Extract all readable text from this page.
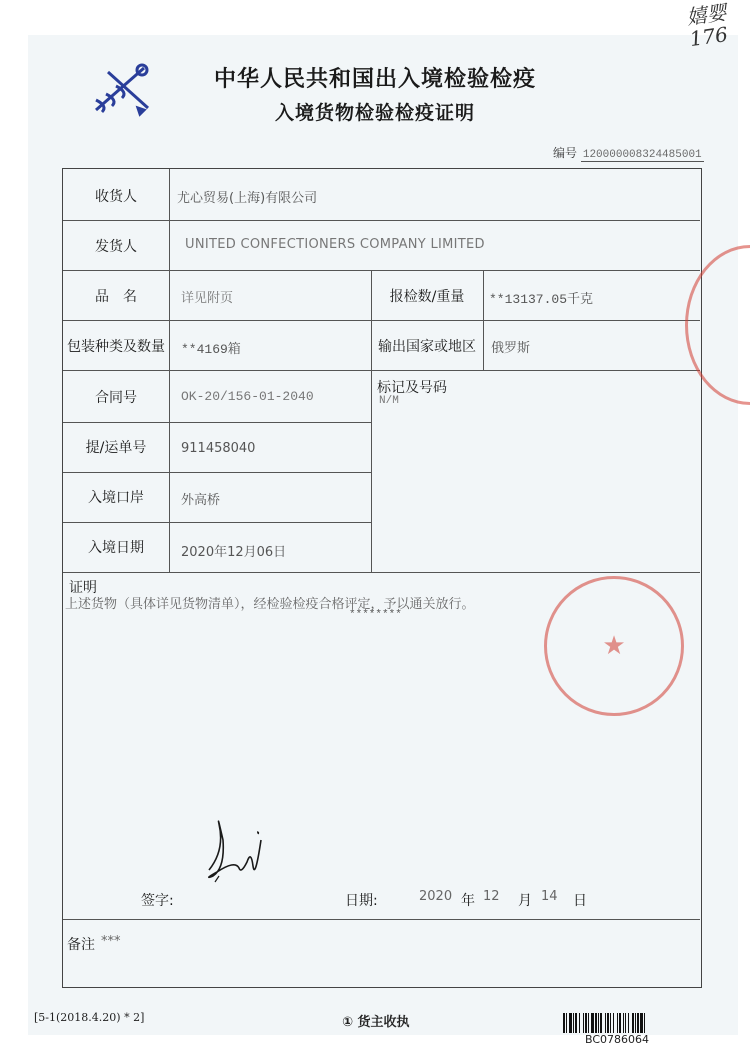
嬉婴 176
中华人民共和国出入境检验检疫
入境货物检验检疫证明
编号 120000008324485001
收货人	尤心贸易(上海)有限公司
发货人	UNITED CONFECTIONERS COMPANY LIMITED
品　名	详见附页	报检数/重量	**13137.05千克
包装种类及数量	**4169箱	输出国家或地区	俄罗斯
合同号	OK-20/156-01-2040
标记及号码
N/M
提/运单号	911458040
入境口岸	外高桥
入境日期	2020年12月06日
证明
上述货物（具体详见货物清单），经检验检疫合格评定，予以通关放行。
********
签字:	日期:	2020 年 12 月 14 日
备注 ***
★
[5-1(2018.4.20) * 2]	① 货主收执
BC0786064
